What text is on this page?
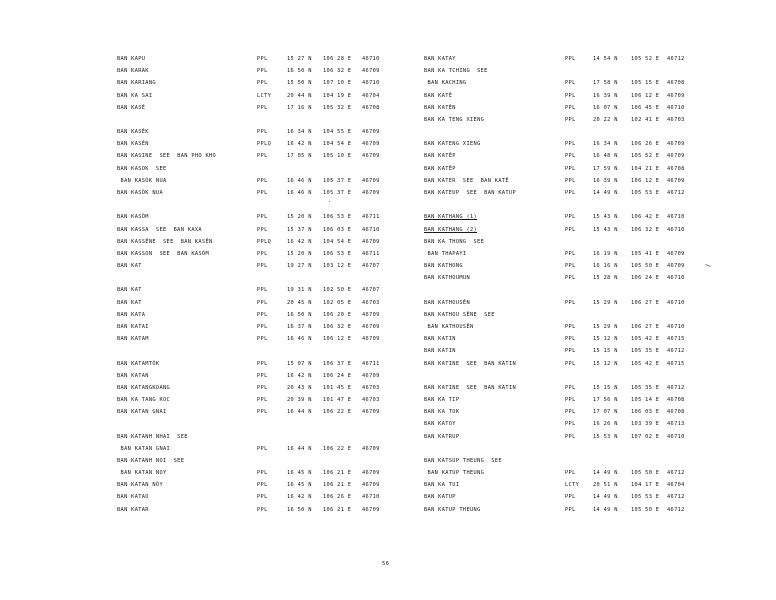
BAN KAPU	PPL	15 27 N 106 28 E 46710
BAN KARAK	PPL	16 50 N 106 32 E 46709
BAN KARIANG	PPL	15 50 N 107 10 E 46710
BAN KA SAI	LCTY	20 44 N 104 19 E 46704
BAN KASĚ	PPL	17 16 N 105 32 E 46708
BAN KASĚK	PPL	16 34 N 104 55 E 46709
BAN KASĚN	PPLQ	16 42 N 104 54 E 46709
BAN KASINE  SEE  BAN PHO KHO	PPL	17 05 N 105 10 E 46709
BAN KASOK  SEE
BAN KASŎK NUA	PPL	16 46 N 105 37 E 46709
BAN KASŎK NUA	PPL	16 46 N 105 37 E 46709
BAN KASŎM	PPL	15 20 N 106 53 E 46711
BAN KASSA  SEE  BAN KAXA	PPL	15 37 N 106 03 E 46710
BAN KASSĚNE  SEE  BAN KASĚN	PPLQ	16 42 N 104 54 E 46709
BAN KASSON  SEE  BAN KASŎM	PPL	15 20 N 106 53 E 46711
BAN KAT	PPL	19 27 N 103 12 E 46707
BAN KAT	PPL	19 31 N 102 50 E 46707
BAN KAT	PPL	20 45 N 102 05 E 46703
BAN KATA	PPL	16 50 N 106 20 E 46709
BAN KATAI	PPL	16 37 N 106 32 E 46709
BAN KATAM	PPL	16 46 N 106 12 E 46709
BAN KATAMTŎK	PPL	15 07 N 106 37 E 46711
BAN KATAN	PPL	16 42 N 106 24 E 46709
BAN KATANGKOANG	PPL	20 43 N 101 45 E 46703
BAN KA TANG KOC	PPL	20 39 N 101 47 E 46703
BAN KATAN GNAI	PPL	16 44 N 106 22 E 46709
BAN KATANH NHAI  SEE
BAN KATAN GNAI	PPL	16 44 N 106 22 E 46709
BAN KATANH NOI  SEE
BAN KATAN NOY	PPL	16 45 N 106 21 E 46709
BAN KATAN NŎY	PPL	16 45 N 106 21 E 46709
BAN KATAO	PPL	16 42 N 106 26 E 46710
BAN KATAR	PPL	16 50 N 106 21 E 46709
BAN KATAY	PPL	14 54 N 105 52 E 46712
BAN KA TCHING  SEE
BAN KACHING	PPL	17 58 N 105 15 E 46708
BAN KATĚ	PPL	16 39 N 106 12 E 46709
BAN KATĚN	PPL	16 07 N 106 45 E 46710
BAN KA TENG XIENG	PPL	20 22 N 102 41 E 46703
BAN KATENG XIENG	PPL	16 34 N 106 26 E 46709
BAN KATĚP	PPL	16 48 N 105 52 E 46709
BAN KATĚP	PPL	17 59 N 104 21 E 46708
BAN KATER  SEE  BAN KATĚ	PPL	16 39 N 106 12 E 46709
BAN KATEUP  SEE  BAN KATUP	PPL	14 49 N 105 53 E 46712
BAN KATHANG (1)	PPL	15 43 N 106 42 E 46710
BAN KATHANG (2)	PPL	15 43 N 106 32 E 46710
BAN KA THONG  SEE
BAN THAPAYI	PPL	16 19 N 105 41 E 46709
BAN KATHONG	PPL	16 16 N 105 50 E 46709
BAN KATHOUMUN	PPL	15 28 N 106 24 E 46710
BAN KATHOUSĚN	PPL	15 29 N 106 27 E 46710
BAN KATHOU SĚNE  SEE
BAN KATHOUSĚN	PPL	15 29 N 106 27 E 46710
BAN KATIN	PPL	15 12 N 105 42 E 46715
BAN KATIN	PPL	15 15 N 105 35 E 46712
BAN KATINE  SEE  BAN KATIN	PPL	15 12 N 105 42 E 46715
BAN KATINE  SEE  BAN KATIN	PPL	15 15 N 105 35 E 46712
BAN KA TIP	PPL	17 56 N 105 14 E 46708
BAN KA TOK	PPL	17 07 N 106 03 E 46708
BAN KATOY	PPL	16 26 N 103 39 E 46713
BAN KATRUP	PPL	15 53 N 107 02 E 46710
BAN KATSUP THEUNG  SEE
BAN KATUP THEUNG	PPL	14 49 N 105 50 E 46712
BAN KA TUI	LCTY	20 51 N 104 17 E 46704
BAN KATUP	PPL	14 49 N 105 53 E 46712
BAN KATUP THEUNG	PPL	14 49 N 105 50 E 46712
56
